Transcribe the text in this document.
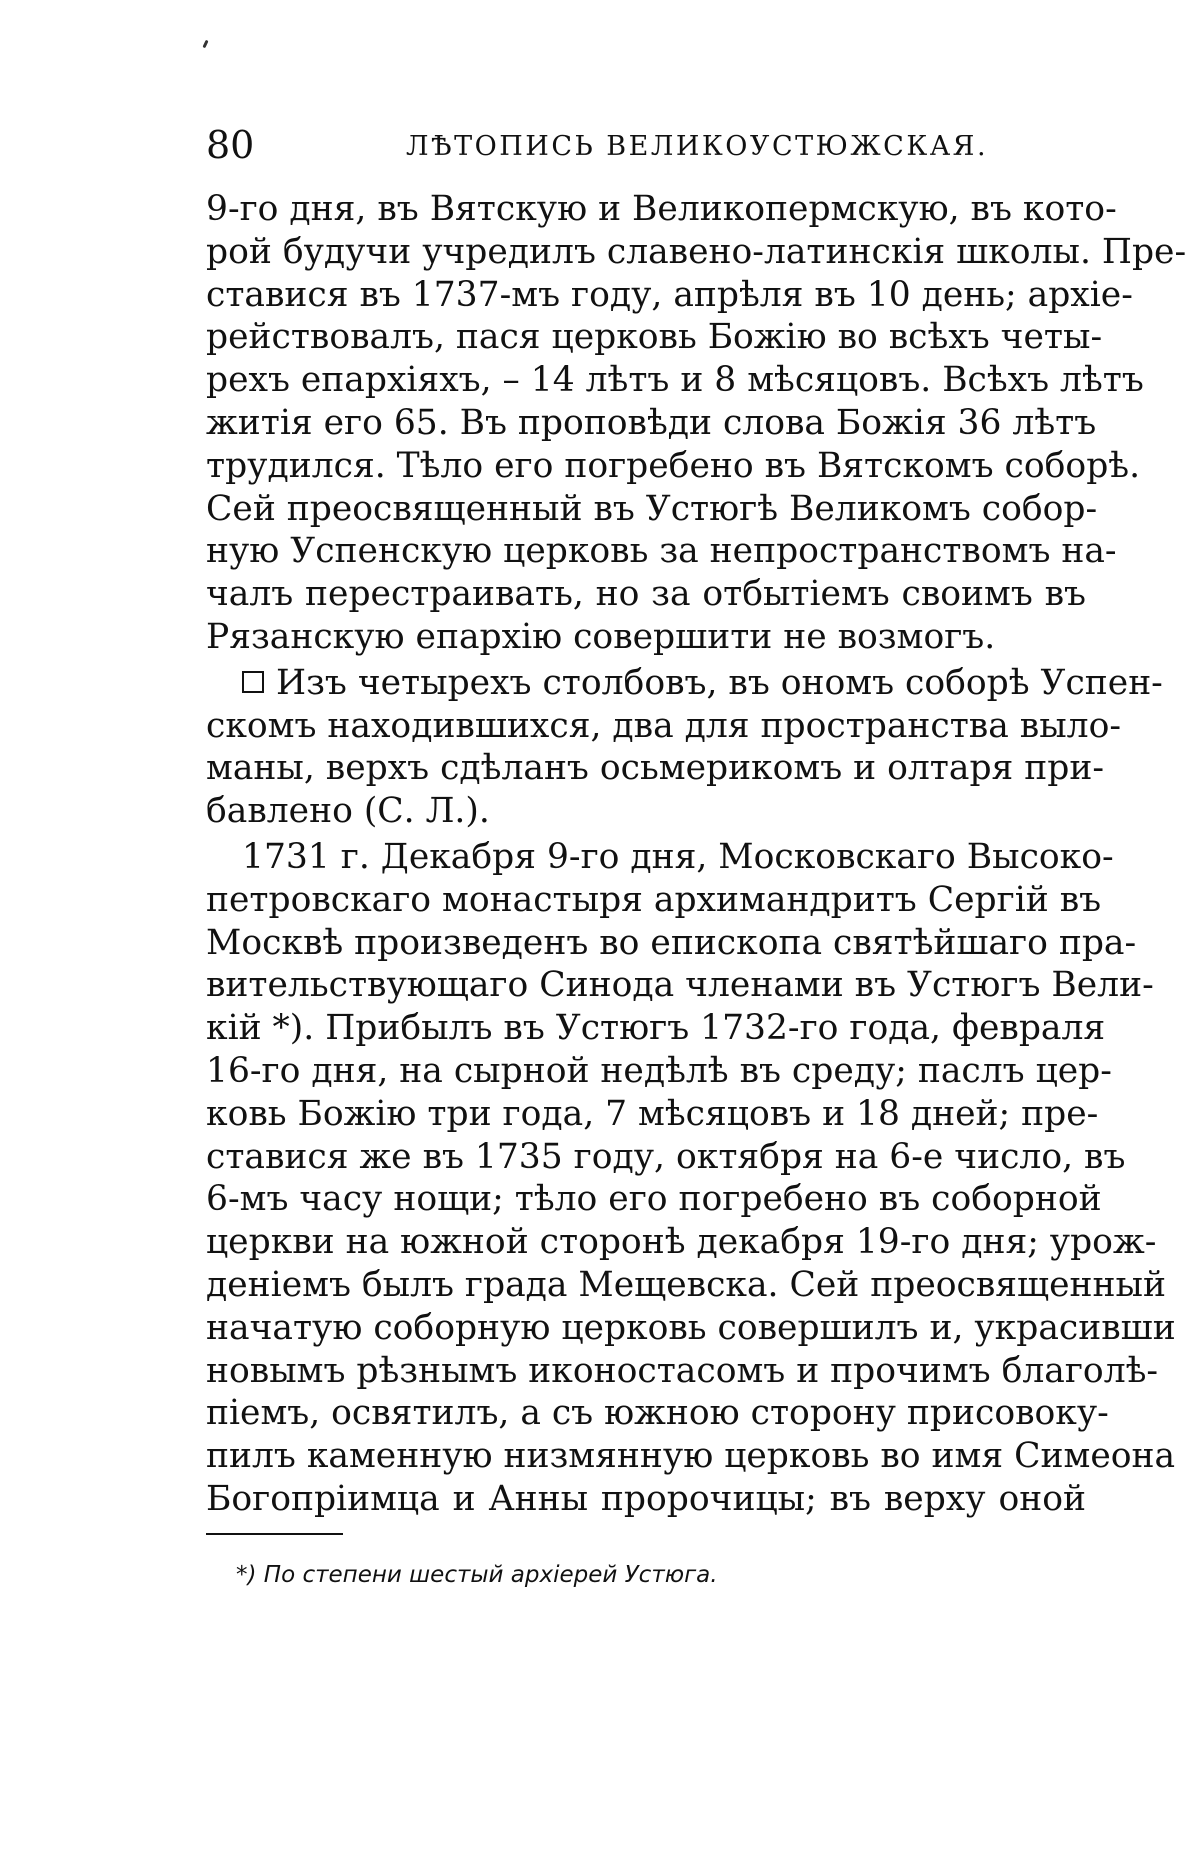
80	ЛѢТОПИСЬ ВЕЛИКОУСТЮЖСКАЯ.
9-го дня, въ Вятскую и Великопермскую, въ кото-
рой будучи учредилъ славено-латинскія школы. Пре-
ставися въ 1737-мъ году, апрѣля въ 10 день; архіе-
рействовалъ, пася церковь Божію во всѣхъ четы-
рехъ епархіяхъ, – 14 лѣтъ и 8 мѣсяцовъ. Всѣхъ лѣтъ
житія его 65. Въ проповѣди слова Божія 36 лѣтъ
трудился. Тѣло его погребено въ Вятскомъ соборѣ.
Сей преосвященный въ Устюгѣ Великомъ собор-
ную Успенскую церковь за непространствомъ на-
чалъ перестраивать, но за отбытіемъ своимъ въ
Рязанскую епархію совершити не возмогъ.
Изъ четырехъ столбовъ, въ ономъ соборѣ Успен-
скомъ находившихся, два для пространства выло-
маны, верхъ сдѣланъ осьмерикомъ и олтаря при-
бавлено (С. Л.).
1731 г. Декабря 9-го дня, Московскаго Высоко-
петровскаго монастыря архимандритъ Сергій въ
Москвѣ произведенъ во епископа святѣйшаго пра-
вительствующаго Синода членами въ Устюгъ Вели-
кій *). Прибылъ въ Устюгъ 1732-го года, февраля
16-го дня, на сырной недѣлѣ въ среду; паслъ цер-
ковь Божію три года, 7 мѣсяцовъ и 18 дней; пре-
ставися же въ 1735 году, октября на 6-е число, въ
6-мъ часу нощи; тѣло его погребено въ соборной
церкви на южной сторонѣ декабря 19-го дня; урож-
деніемъ былъ града Мещевска. Сей преосвященный
начатую соборную церковь совершилъ и, украсивши
новымъ рѣзнымъ иконостасомъ и прочимъ благолѣ-
піемъ, освятилъ, а съ южною сторону присовоку-
пилъ каменную низмянную церковь во имя Симеона
Богопріимца и Анны пророчицы; въ верху оной
*) По степени шестый архіерей Устюга.
